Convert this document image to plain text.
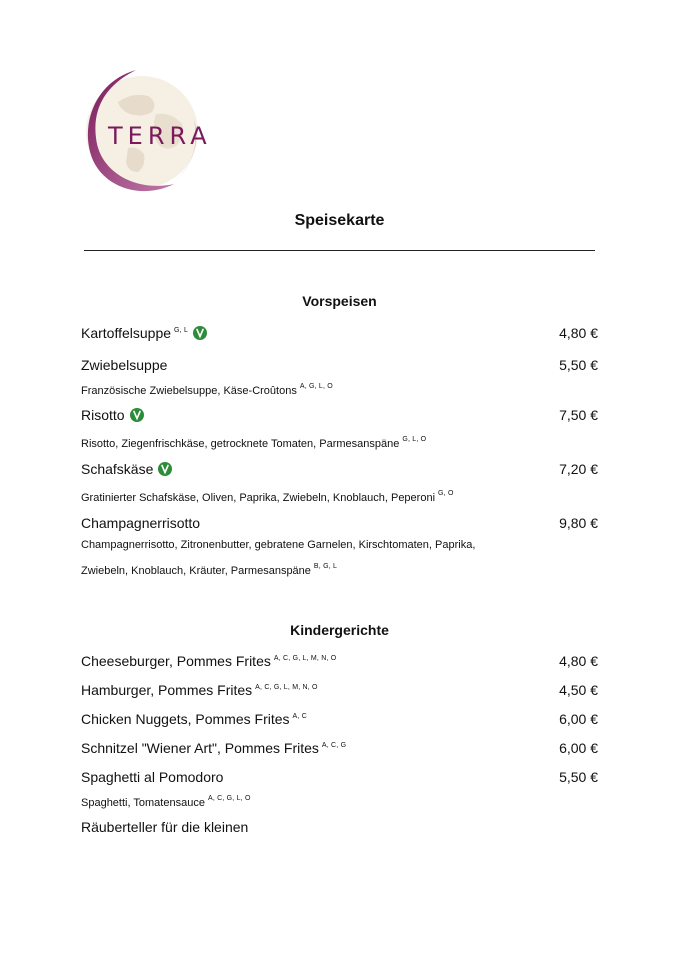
TERRA
Speisekarte
Vorspeisen
Kartoffelsuppe $^{G, L}$	4,80 €
Zwiebelsuppe	5,50 €
Französische Zwiebelsuppe, Käse-Croûtons $^{A, G, L, O}$
Risotto	7,50 €
Risotto, Ziegenfrischkäse, getrocknete Tomaten, Parmesanspäne $^{G, L, O}$
Schafskäse	7,20 €
Gratinierter Schafskäse, Oliven, Paprika, Zwiebeln, Knoblauch, Peperoni $^{G, O}$
Champagnerrisotto	9,80 €
Champagnerrisotto, Zitronenbutter, gebratene Garnelen, Kirschtomaten, Paprika, Zwiebeln, Knoblauch, Kräuter, Parmesanspäne $^{B, G, L}$
Kindergerichte
Cheeseburger, Pommes Frites $^{A, C, G, L, M, N, O}$	4,80 €
Hamburger, Pommes Frites $^{A, C, G, L, M, N, O}$	4,50 €
Chicken Nuggets, Pommes Frites $^{A, C}$	6,00 €
Schnitzel "Wiener Art", Pommes Frites $^{A, C, G}$	6,00 €
Spaghetti al Pomodoro	5,50 €
Spaghetti, Tomatensauce $^{A, C, G, L, O}$
Räuberteller für die kleinen
